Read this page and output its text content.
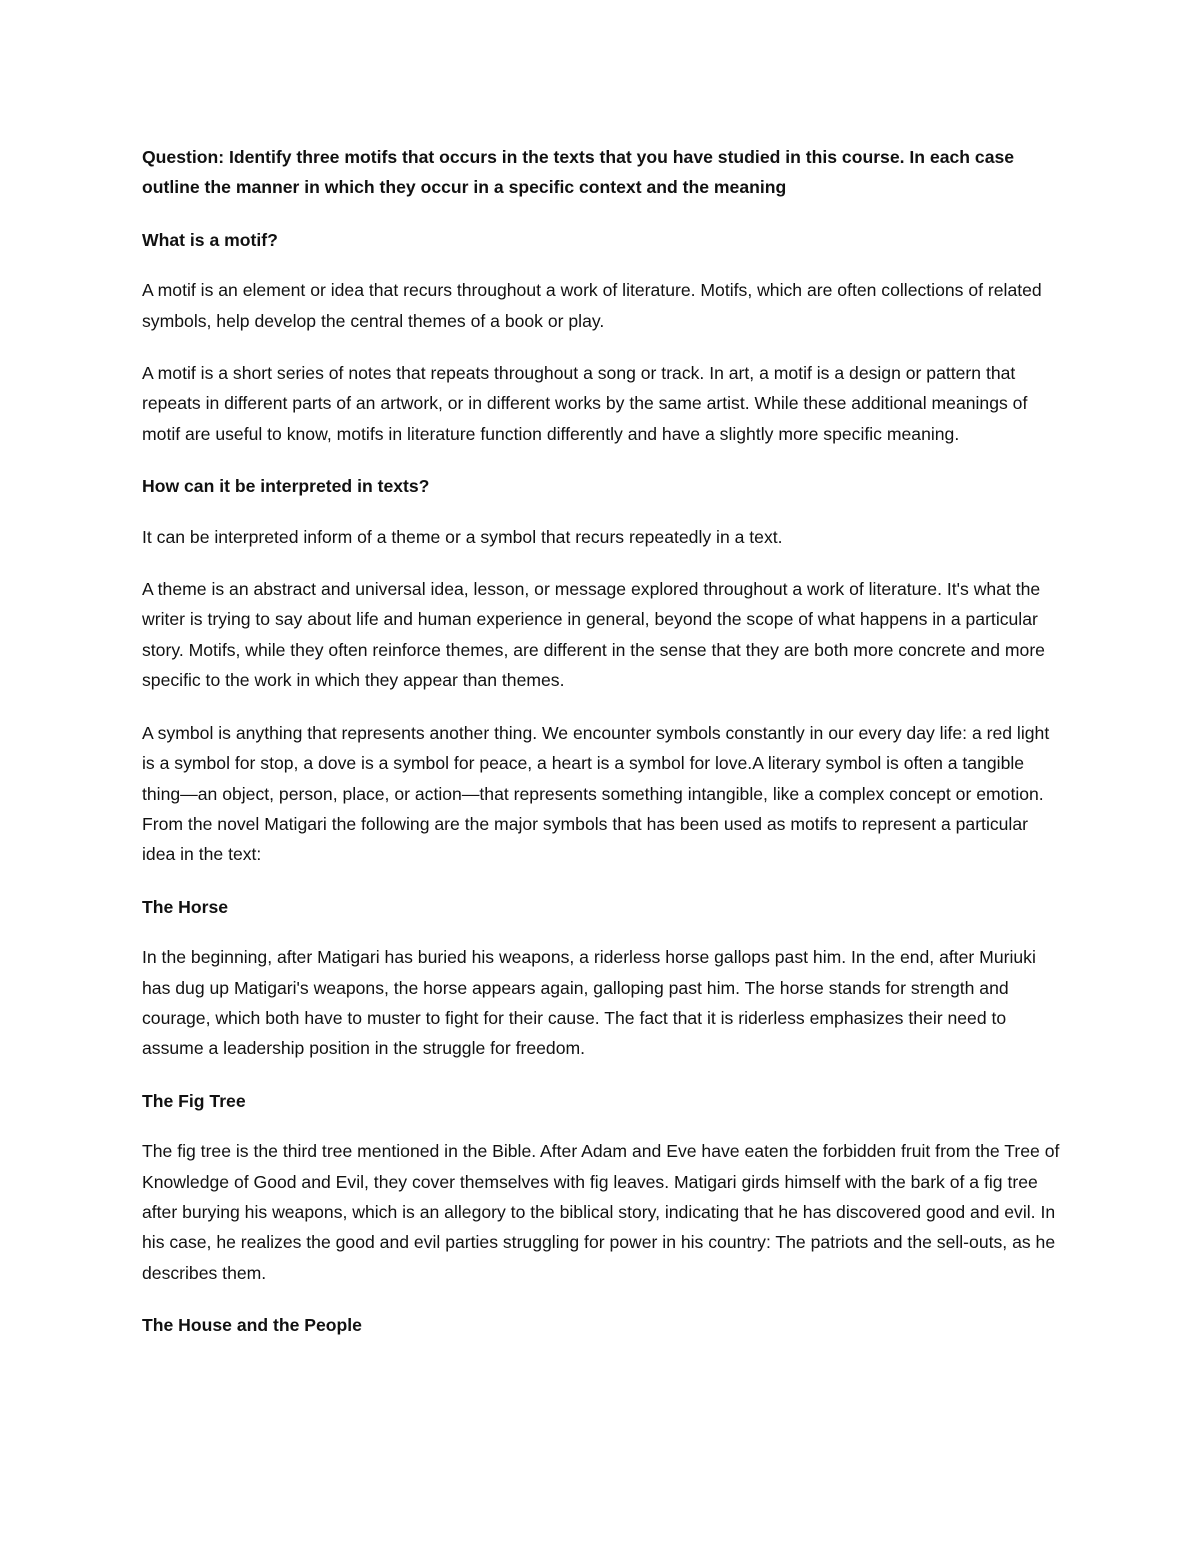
Question: Identify three motifs that occurs in the texts that you have studied in this course. In each case outline the manner in which they occur in a specific context and the meaning

What is a motif?

A motif is an element or idea that recurs throughout a work of literature. Motifs, which are often collections of related symbols, help develop the central themes of a book or play.

A motif is a short series of notes that repeats throughout a song or track. In art, a motif is a design or pattern that repeats in different parts of an artwork, or in different works by the same artist. While these additional meanings of motif are useful to know, motifs in literature function differently and have a slightly more specific meaning.

How can it be interpreted in texts?

It can be interpreted inform of a theme or a symbol that recurs repeatedly in a text.

A theme is an abstract and universal idea, lesson, or message explored throughout a work of literature. It's what the writer is trying to say about life and human experience in general, beyond the scope of what happens in a particular story. Motifs, while they often reinforce themes, are different in the sense that they are both more concrete and more specific to the work in which they appear than themes.

A symbol is anything that represents another thing. We encounter symbols constantly in our every day life: a red light is a symbol for stop, a dove is a symbol for peace, a heart is a symbol for love.A literary symbol is often a tangible thing—an object, person, place, or action—that represents something intangible, like a complex concept or emotion. From the novel Matigari the following are the major symbols that has been used as motifs to represent a particular idea in the text:

The Horse

In the beginning, after Matigari has buried his weapons, a riderless horse gallops past him. In the end, after Muriuki has dug up Matigari's weapons, the horse appears again, galloping past him. The horse stands for strength and courage, which both have to muster to fight for their cause. The fact that it is riderless emphasizes their need to assume a leadership position in the struggle for freedom.

The Fig Tree

The fig tree is the third tree mentioned in the Bible. After Adam and Eve have eaten the forbidden fruit from the Tree of Knowledge of Good and Evil, they cover themselves with fig leaves. Matigari girds himself with the bark of a fig tree after burying his weapons, which is an allegory to the biblical story, indicating that he has discovered good and evil. In his case, he realizes the good and evil parties struggling for power in his country: The patriots and the sell-outs, as he describes them.

The House and the People
